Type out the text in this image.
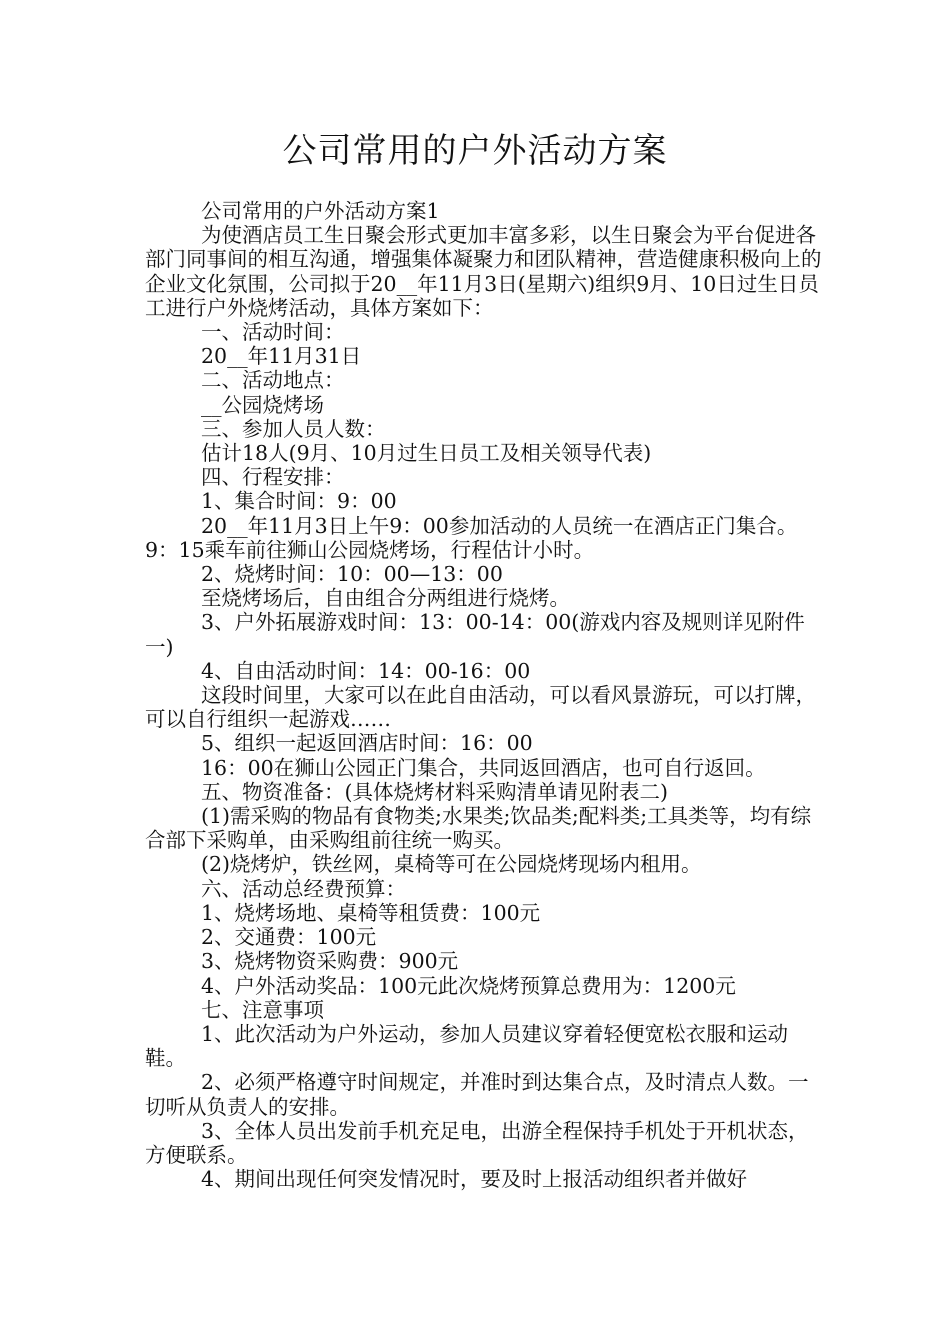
公司常用的户外活动方案

公司常用的户外活动方案1

为使酒店员工生日聚会形式更加丰富多彩，以生日聚会为平台促进各部门同事间的相互沟通，增强集体凝聚力和团队精神，营造健康积极向上的企业文化氛围，公司拟于20__年11月3日(星期六)组织9月、10日过生日员工进行户外烧烤活动，具体方案如下：

一、活动时间：

20__年11月31日

二、活动地点：

__公园烧烤场

三、参加人员人数：

估计18人(9月、10月过生日员工及相关领导代表)

四、行程安排：

1、集合时间：9：00

20__年11月3日上午9：00参加活动的人员统一在酒店正门集合。9：15乘车前往狮山公园烧烤场，行程估计小时。

2、烧烤时间：10：00—13：00

至烧烤场后，自由组合分两组进行烧烤。

3、户外拓展游戏时间：13：00-14：00(游戏内容及规则详见附件一)

4、自由活动时间：14：00-16：00

这段时间里，大家可以在此自由活动，可以看风景游玩，可以打牌，可以自行组织一起游戏……

5、组织一起返回酒店时间：16：00

16：00在狮山公园正门集合，共同返回酒店，也可自行返回。

五、物资准备：(具体烧烤材料采购清单请见附表二)

(1)需采购的物品有食物类;水果类;饮品类;配料类;工具类等，均有综合部下采购单，由采购组前往统一购买。

(2)烧烤炉，铁丝网，桌椅等可在公园烧烤现场内租用。

六、活动总经费预算：

1、烧烤场地、桌椅等租赁费：100元

2、交通费：100元

3、烧烤物资采购费：900元

4、户外活动奖品：100元此次烧烤预算总费用为：1200元

七、注意事项

1、此次活动为户外运动，参加人员建议穿着轻便宽松衣服和运动鞋。

2、必须严格遵守时间规定，并准时到达集合点，及时清点人数。一切听从负责人的安排。

3、全体人员出发前手机充足电，出游全程保持手机处于开机状态，方便联系。

4、期间出现任何突发情况时，要及时上报活动组织者并做好
